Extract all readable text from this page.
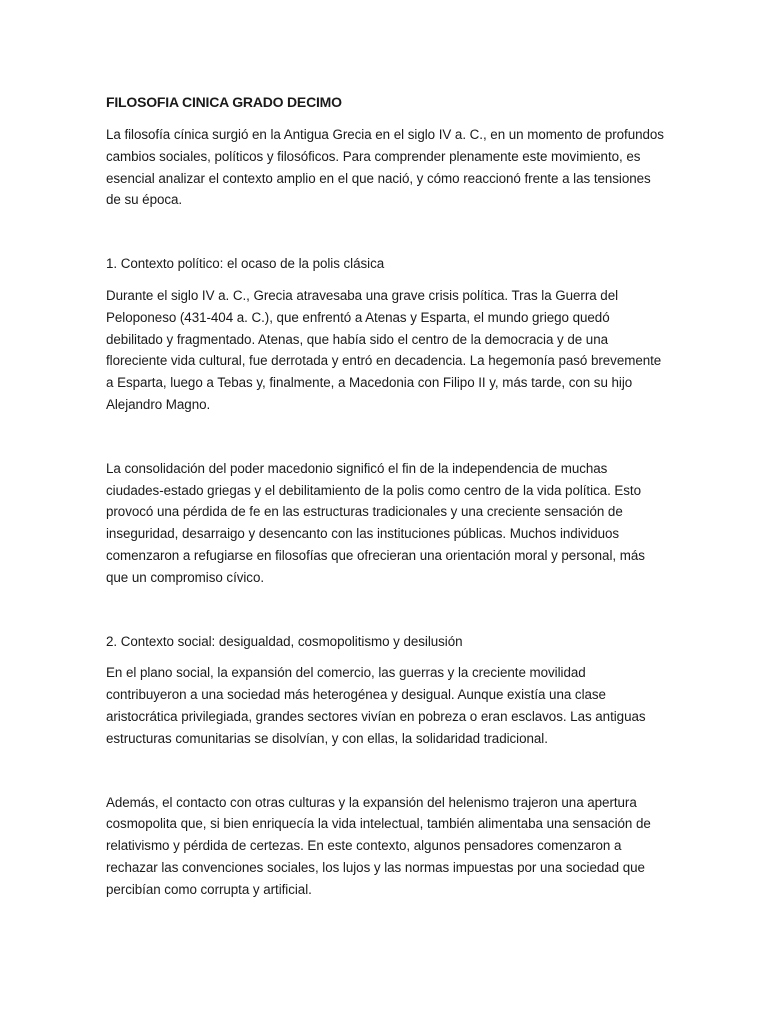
FILOSOFIA CINICA GRADO DECIMO

La filosofía cínica surgió en la Antigua Grecia en el siglo IV a. C., en un momento de profundos cambios sociales, políticos y filosóficos. Para comprender plenamente este movimiento, es esencial analizar el contexto amplio en el que nació, y cómo reaccionó frente a las tensiones de su época.

1. Contexto político: el ocaso de la polis clásica

Durante el siglo IV a. C., Grecia atravesaba una grave crisis política. Tras la Guerra del Peloponeso (431-404 a. C.), que enfrentó a Atenas y Esparta, el mundo griego quedó debilitado y fragmentado. Atenas, que había sido el centro de la democracia y de una floreciente vida cultural, fue derrotada y entró en decadencia. La hegemonía pasó brevemente a Esparta, luego a Tebas y, finalmente, a Macedonia con Filipo II y, más tarde, con su hijo Alejandro Magno.

La consolidación del poder macedonio significó el fin de la independencia de muchas ciudades-estado griegas y el debilitamiento de la polis como centro de la vida política. Esto provocó una pérdida de fe en las estructuras tradicionales y una creciente sensación de inseguridad, desarraigo y desencanto con las instituciones públicas. Muchos individuos comenzaron a refugiarse en filosofías que ofrecieran una orientación moral y personal, más que un compromiso cívico.

2. Contexto social: desigualdad, cosmopolitismo y desilusión

En el plano social, la expansión del comercio, las guerras y la creciente movilidad contribuyeron a una sociedad más heterogénea y desigual. Aunque existía una clase aristocrática privilegiada, grandes sectores vivían en pobreza o eran esclavos. Las antiguas estructuras comunitarias se disolvían, y con ellas, la solidaridad tradicional.

Además, el contacto con otras culturas y la expansión del helenismo trajeron una apertura cosmopolita que, si bien enriquecía la vida intelectual, también alimentaba una sensación de relativismo y pérdida de certezas. En este contexto, algunos pensadores comenzaron a rechazar las convenciones sociales, los lujos y las normas impuestas por una sociedad que percibían como corrupta y artificial.
